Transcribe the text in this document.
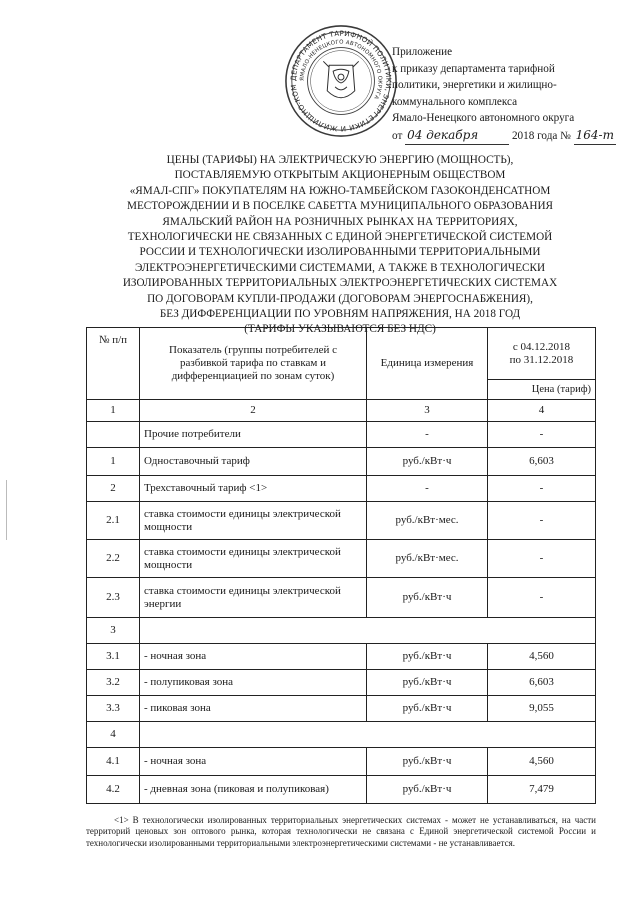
ДЕПАРТАМЕНТ ТАРИФНОЙ ПОЛИТИКИ, ЭНЕРГЕТИКИ И ЖИЛИЩНО-КОМ
ЯМАЛО-НЕНЕЦКОГО АВТОНОМНОГО ОКРУГА
Приложение
к приказу департамента тарифной
политики, энергетики и жилищно-
коммунального комплекса
Ямало-Ненецкого автономного округа
от 04 декабря	2018 года № 164-т
ЦЕНЫ (ТАРИФЫ) НА ЭЛЕКТРИЧЕСКУЮ ЭНЕРГИЮ (МОЩНОСТЬ),
ПОСТАВЛЯЕМУЮ ОТКРЫТЫМ АКЦИОНЕРНЫМ ОБЩЕСТВОМ
«ЯМАЛ-СПГ» ПОКУПАТЕЛЯМ НА ЮЖНО-ТАМБЕЙСКОМ ГАЗОКОНДЕНСАТНОМ
МЕСТОРОЖДЕНИИ И В ПОСЕЛКЕ САБЕТТА МУНИЦИПАЛЬНОГО ОБРАЗОВАНИЯ
ЯМАЛЬСКИЙ РАЙОН НА РОЗНИЧНЫХ РЫНКАХ НА ТЕРРИТОРИЯХ,
ТЕХНОЛОГИЧЕСКИ НЕ СВЯЗАННЫХ С ЕДИНОЙ ЭНЕРГЕТИЧЕСКОЙ СИСТЕМОЙ
РОССИИ И ТЕХНОЛОГИЧЕСКИ ИЗОЛИРОВАННЫМИ ТЕРРИТОРИАЛЬНЫМИ
ЭЛЕКТРОЭНЕРГЕТИЧЕСКИМИ СИСТЕМАМИ, А ТАКЖЕ В ТЕХНОЛОГИЧЕСКИ
ИЗОЛИРОВАННЫХ ТЕРРИТОРИАЛЬНЫХ ЭЛЕКТРОЭНЕРГЕТИЧЕСКИХ СИСТЕМАХ
ПО ДОГОВОРАМ КУПЛИ-ПРОДАЖИ (ДОГОВОРАМ ЭНЕРГОСНАБЖЕНИЯ),
БЕЗ ДИФФЕРЕНЦИАЦИИ ПО УРОВНЯМ НАПРЯЖЕНИЯ, НА 2018 ГОД
(ТАРИФЫ УКАЗЫВАЮТСЯ БЕЗ НДС)
№ п/п	Показатель (группы потребителей с разбивкой тарифа по ставкам и дифференциацией по зонам суток)	Единица измерения	с 04.12.2018
по 31.12.2018

			Цена (тариф)
1	2	3	4
	Прочие потребители	-	-
1	Одноставочный тариф	руб./кВт·ч	6,603
2	Трехставочный тариф <1>	-	-
2.1	ставка стоимости единицы электрической мощности	руб./кВт·мес.	-
2.2	ставка стоимости единицы электрической мощности	руб./кВт·мес.	-
2.3	ставка стоимости единицы электрической энергии	руб./кВт·ч	-
3			
3.1	- ночная зона	руб./кВт·ч	4,560
3.2	- полупиковая зона	руб./кВт·ч	6,603
3.3	- пиковая зона	руб./кВт·ч	9,055
4			
4.1	- ночная зона	руб./кВт·ч	4,560
4.2	- дневная зона (пиковая и полупиковая)	руб./кВт·ч	7,479
<1> В технологически изолированных территориальных энергетических системах - может не устанавливаться, на части территорий ценовых зон оптового рынка, которая технологически не связана с Единой энергетической системой России и технологически изолированными территориальными электроэнергетическими системами - не устанавливается.
